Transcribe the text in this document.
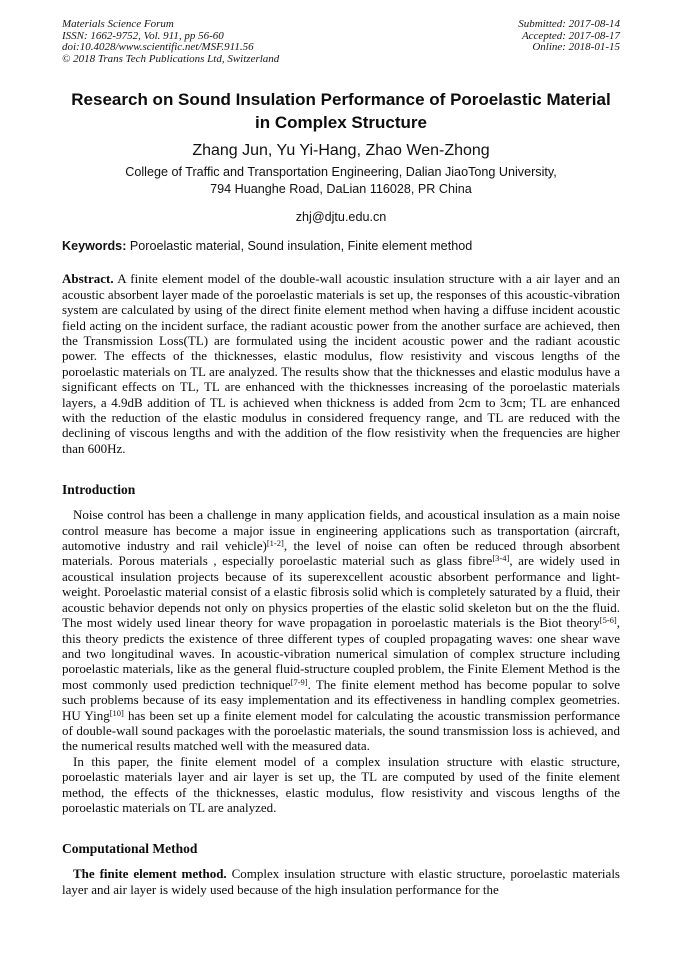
Materials Science Forum
ISSN: 1662-9752, Vol. 911, pp 56-60
doi:10.4028/www.scientific.net/MSF.911.56
© 2018 Trans Tech Publications Ltd, Switzerland
Submitted: 2017-08-14
Accepted: 2017-08-17
Online: 2018-01-15
Research on Sound Insulation Performance of Poroelastic Material
in Complex Structure
Zhang Jun, Yu Yi-Hang, Zhao Wen-Zhong
College of Traffic and Transportation Engineering, Dalian JiaoTong University,
794 Huanghe Road, DaLian 116028, PR China
zhj@djtu.edu.cn
Keywords: Poroelastic material, Sound insulation, Finite element method
Abstract. A finite element model of the double-wall acoustic insulation structure with a air layer and an acoustic absorbent layer made of the poroelastic materials is set up, the responses of this acoustic-vibration system are calculated by using of the direct finite element method when having a diffuse incident acoustic field acting on the incident surface, the radiant acoustic power from the another surface are achieved, then the Transmission Loss(TL) are formulated using the incident acoustic power and the radiant acoustic power. The effects of the thicknesses, elastic modulus, flow resistivity and viscous lengths of the poroelastic materials on TL are analyzed. The results show that the thicknesses and elastic modulus have a significant effects on TL, TL are enhanced with the thicknesses increasing of the poroelastic materials layers, a 4.9dB addition of TL is achieved when thickness is added from 2cm to 3cm; TL are enhanced with the reduction of the elastic modulus in considered frequency range, and TL are reduced with the declining of viscous lengths and with the addition of the flow resistivity when the frequencies are higher than 600Hz.
Introduction
Noise control has been a challenge in many application fields, and acoustical insulation as a main noise control measure has become a major issue in engineering applications such as transportation (aircraft, automotive industry and rail vehicle)[1-2], the level of noise can often be reduced through absorbent materials. Porous materials , especially poroelastic material such as glass fibre[3-4], are widely used in acoustical insulation projects because of its superexcellent acoustic absorbent performance and light-weight. Poroelastic material consist of a elastic fibrosis solid which is completely saturated by a fluid, their acoustic behavior depends not only on physics properties of the elastic solid skeleton but on the the fluid. The most widely used linear theory for wave propagation in poroelastic materials is the Biot theory[5-6], this theory predicts the existence of three different types of coupled propagating waves: one shear wave and two longitudinal waves. In acoustic-vibration numerical simulation of complex structure including poroelastic materials, like as the general fluid-structure coupled problem, the Finite Element Method is the most commonly used prediction technique[7-9]. The finite element method has become popular to solve such problems because of its easy implementation and its effectiveness in handling complex geometries. HU Ying[10] has been set up a finite element model for calculating the acoustic transmission performance of double-wall sound packages with the poroelastic materials, the sound transmission loss is achieved, and the numerical results matched well with the measured data.
In this paper, the finite element model of a complex insulation structure with elastic structure, poroelastic materials layer and air layer is set up, the TL are computed by used of the finite element method, the effects of the thicknesses, elastic modulus, flow resistivity and viscous lengths of the poroelastic materials on TL are analyzed.
Computational Method
The finite element method. Complex insulation structure with elastic structure, poroelastic materials layer and air layer is widely used because of the high insulation performance for the
